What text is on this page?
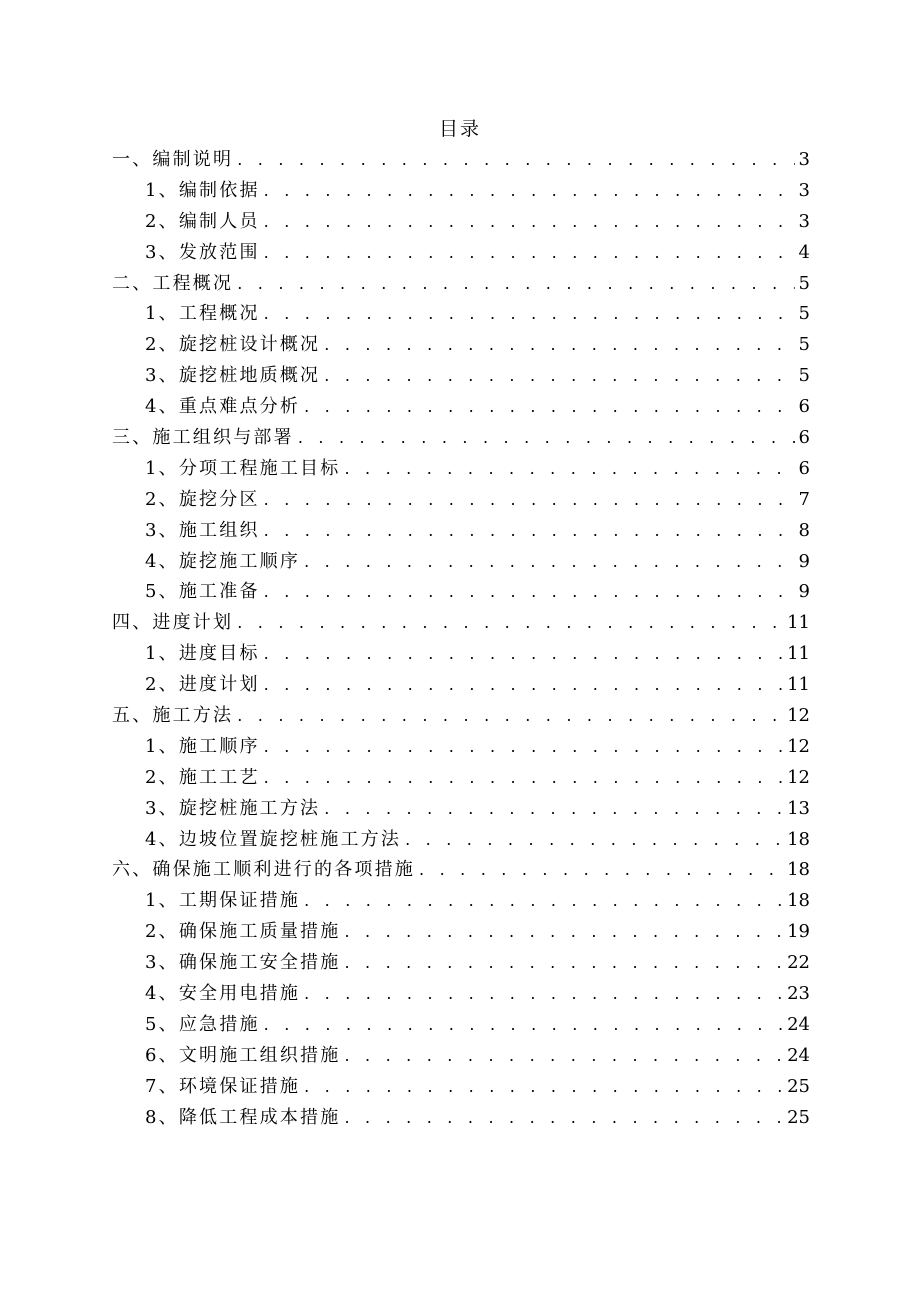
目录
一、编制说明 . . .	3
1、编制依据 . . .	3
2、编制人员 . . .	3
3、发放范围 . . .	4
二、工程概况 . . .	5
1、工程概况 . . .	5
2、旋挖桩设计概况 . . .	5
3、旋挖桩地质概况 . . .	5
4、重点难点分析 . . .	6
三、施工组织与部署 . . .	6
1、分项工程施工目标 . . .	6
2、旋挖分区 . . .	7
3、施工组织 . . .	8
4、旋挖施工顺序 . . .	9
5、施工准备 . . .	9
四、进度计划 . . .	11
1、进度目标 . . .	11
2、进度计划 . . .	11
五、施工方法 . . .	12
1、施工顺序 . . .	12
2、施工工艺 . . .	12
3、旋挖桩施工方法 . . .	13
4、边坡位置旋挖桩施工方法 . . .	18
六、确保施工顺利进行的各项措施 . . .	18
1、工期保证措施 . . .	18
2、确保施工质量措施 . . .	19
3、确保施工安全措施 . . .	22
4、安全用电措施 . . .	23
5、应急措施 . . .	24
6、文明施工组织措施 . . .	24
7、环境保证措施 . . .	25
8、降低工程成本措施 . . .	25
